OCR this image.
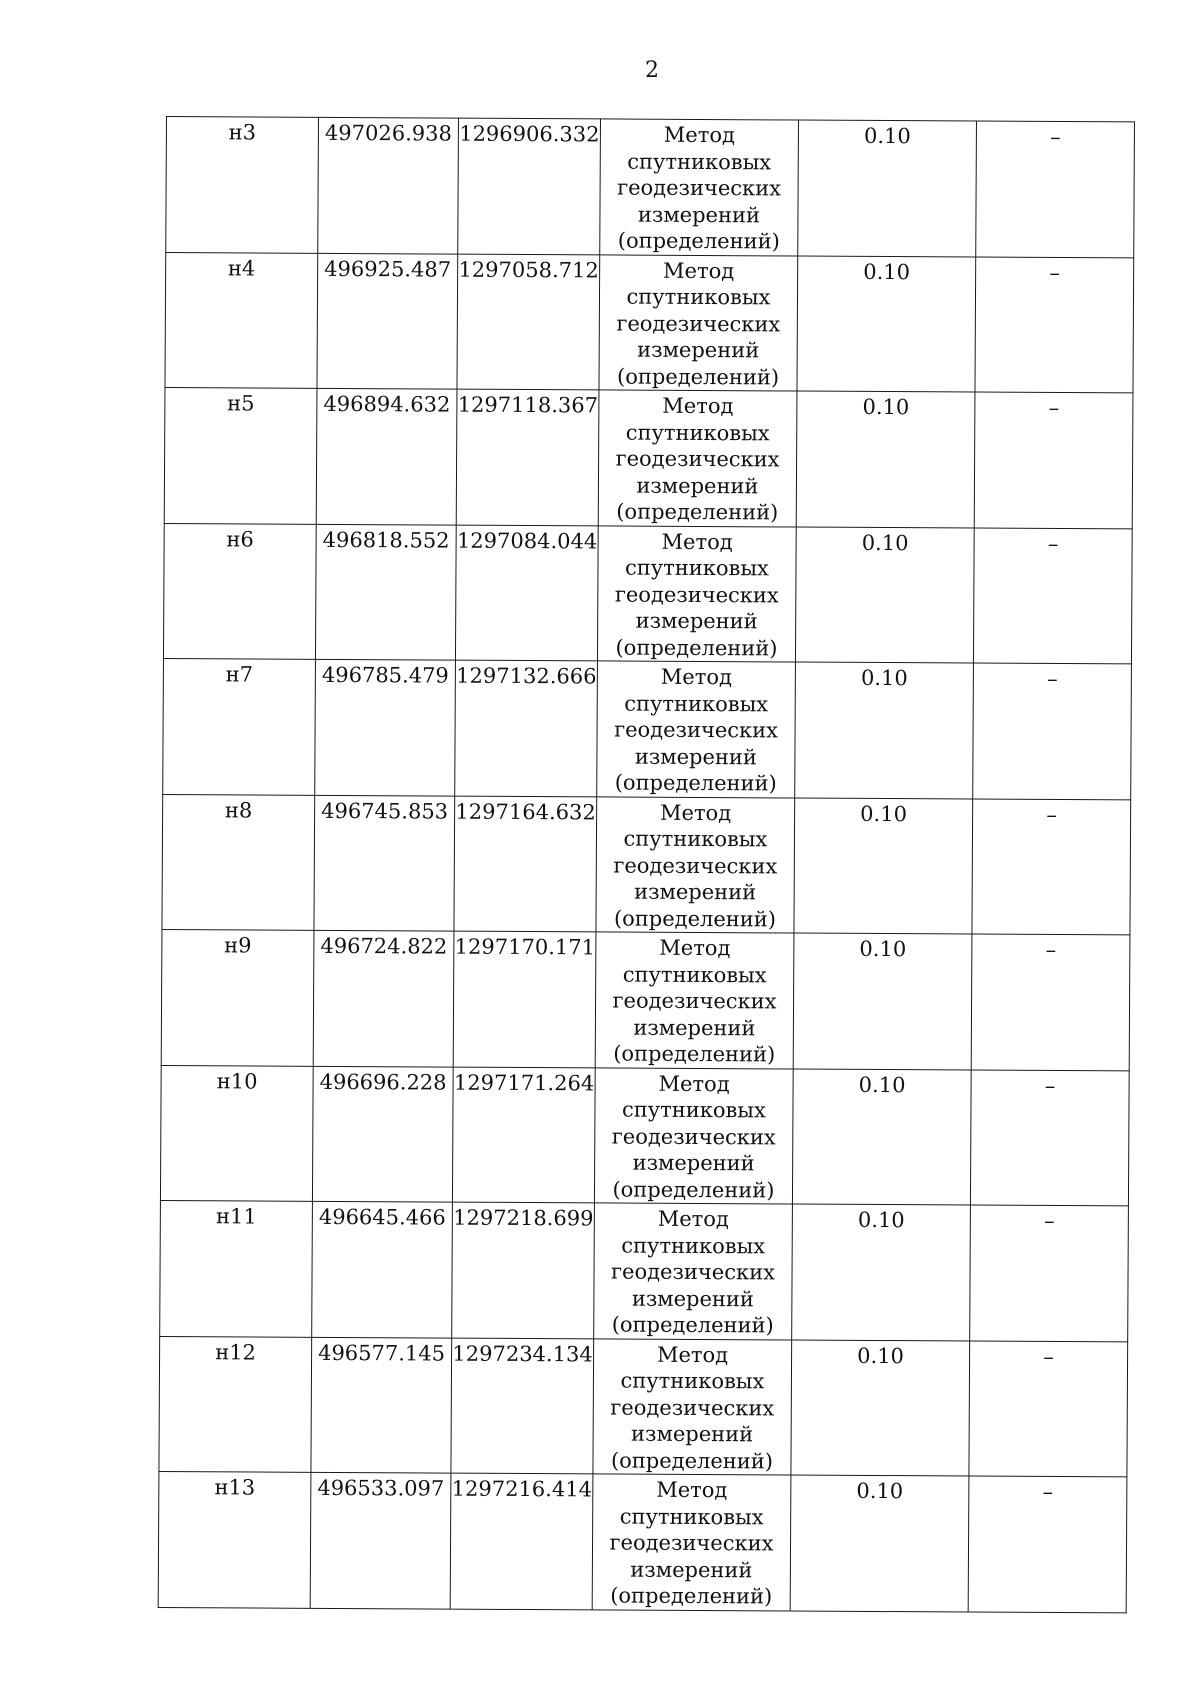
2
н3	497026.938	1296906.332	Метод
спутниковых
геодезических
измерений
(определений)	0.10	–
н4	496925.487	1297058.712	Метод
спутниковых
геодезических
измерений
(определений)	0.10	–
н5	496894.632	1297118.367	Метод
спутниковых
геодезических
измерений
(определений)	0.10	–
н6	496818.552	1297084.044	Метод
спутниковых
геодезических
измерений
(определений)	0.10	–
н7	496785.479	1297132.666	Метод
спутниковых
геодезических
измерений
(определений)	0.10	–
н8	496745.853	1297164.632	Метод
спутниковых
геодезических
измерений
(определений)	0.10	–
н9	496724.822	1297170.171	Метод
спутниковых
геодезических
измерений
(определений)	0.10	–
н10	496696.228	1297171.264	Метод
спутниковых
геодезических
измерений
(определений)	0.10	–
н11	496645.466	1297218.699	Метод
спутниковых
геодезических
измерений
(определений)	0.10	–
н12	496577.145	1297234.134	Метод
спутниковых
геодезических
измерений
(определений)	0.10	–
н13	496533.097	1297216.414	Метод
спутниковых
геодезических
измерений
(определений)	0.10	–
